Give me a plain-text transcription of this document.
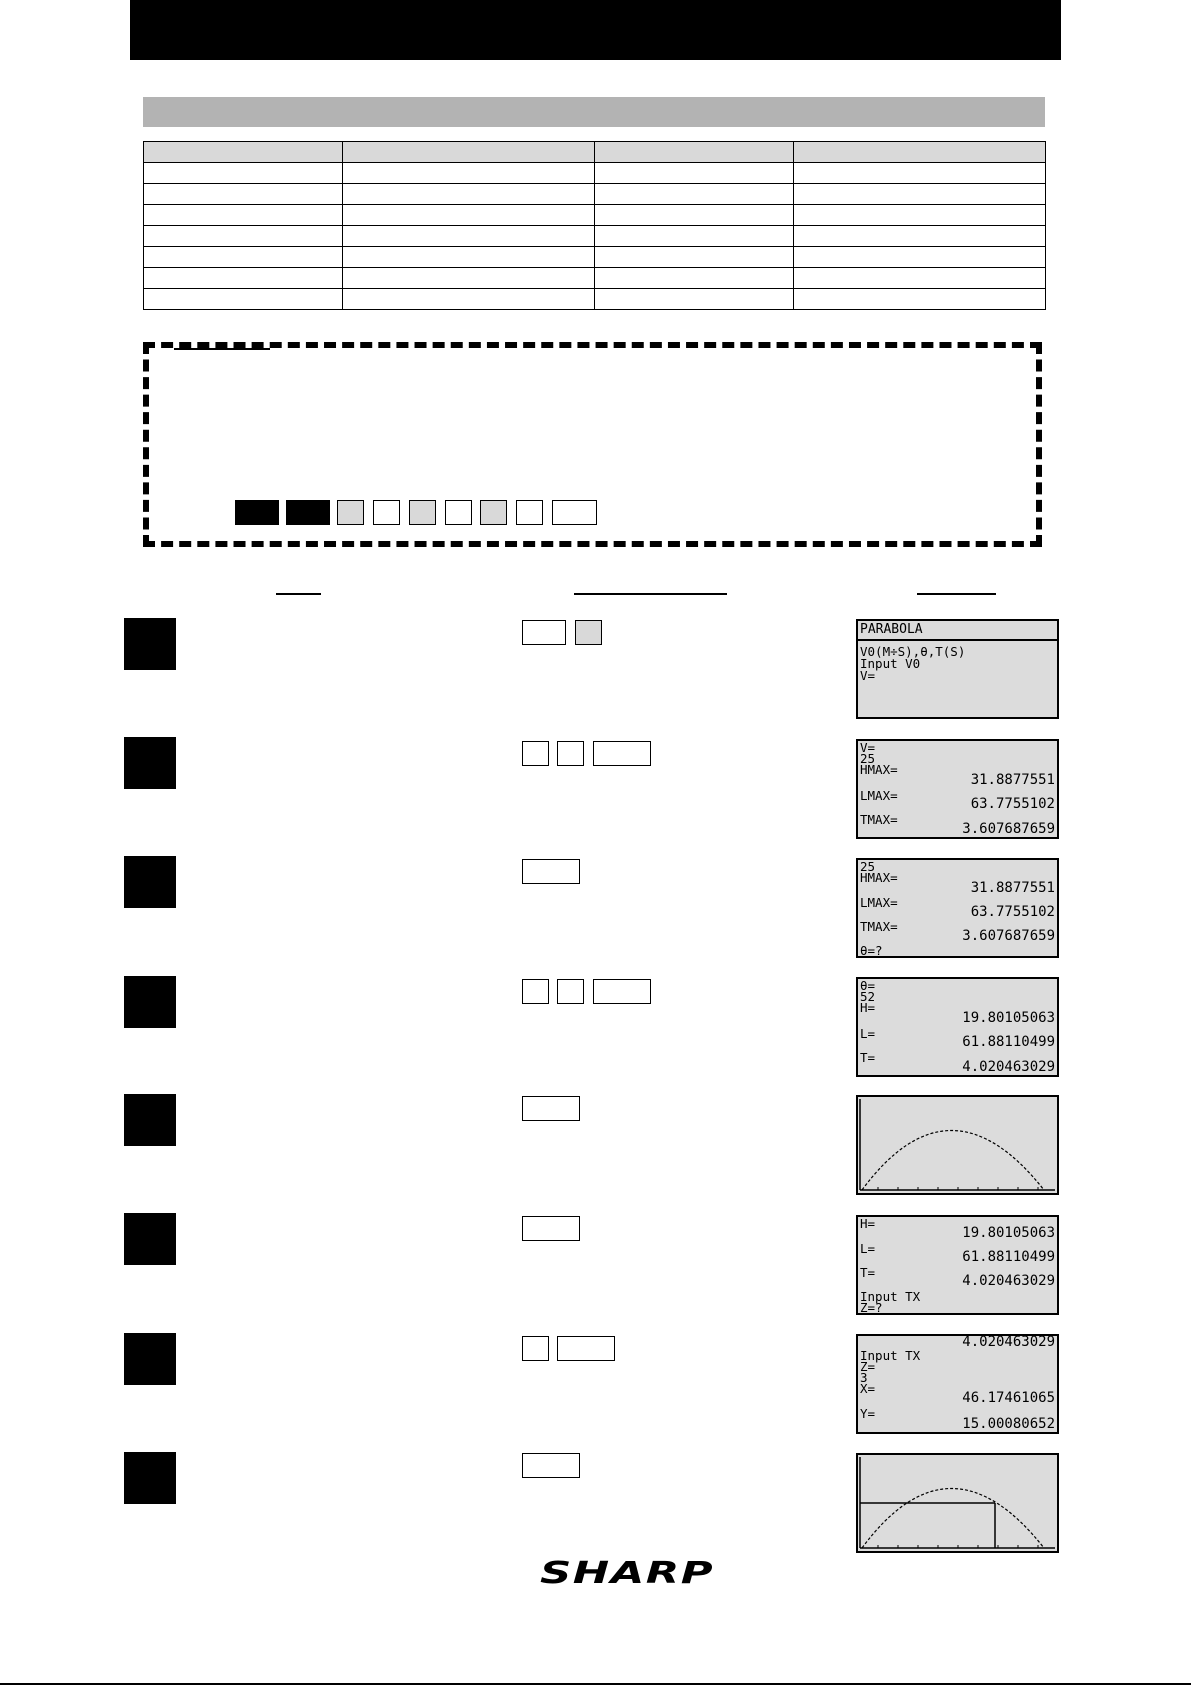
PARABOLA
V0(M÷S),θ,T(S)
Input V0
V=
V=
25
HMAX=
31.8877551
LMAX=
63.7755102
TMAX=
3.607687659
25
HMAX=
31.8877551
LMAX=
63.7755102
TMAX=
3.607687659
θ=?
θ=
52
H=
19.80105063
L=
61.88110499
T=
4.020463029
H=
19.80105063
L=
61.88110499
T=
4.020463029
Input TX
Z=?
4.020463029
Input TX
Z=
3
X=
46.17461065
Y=
15.00080652
SHARP
